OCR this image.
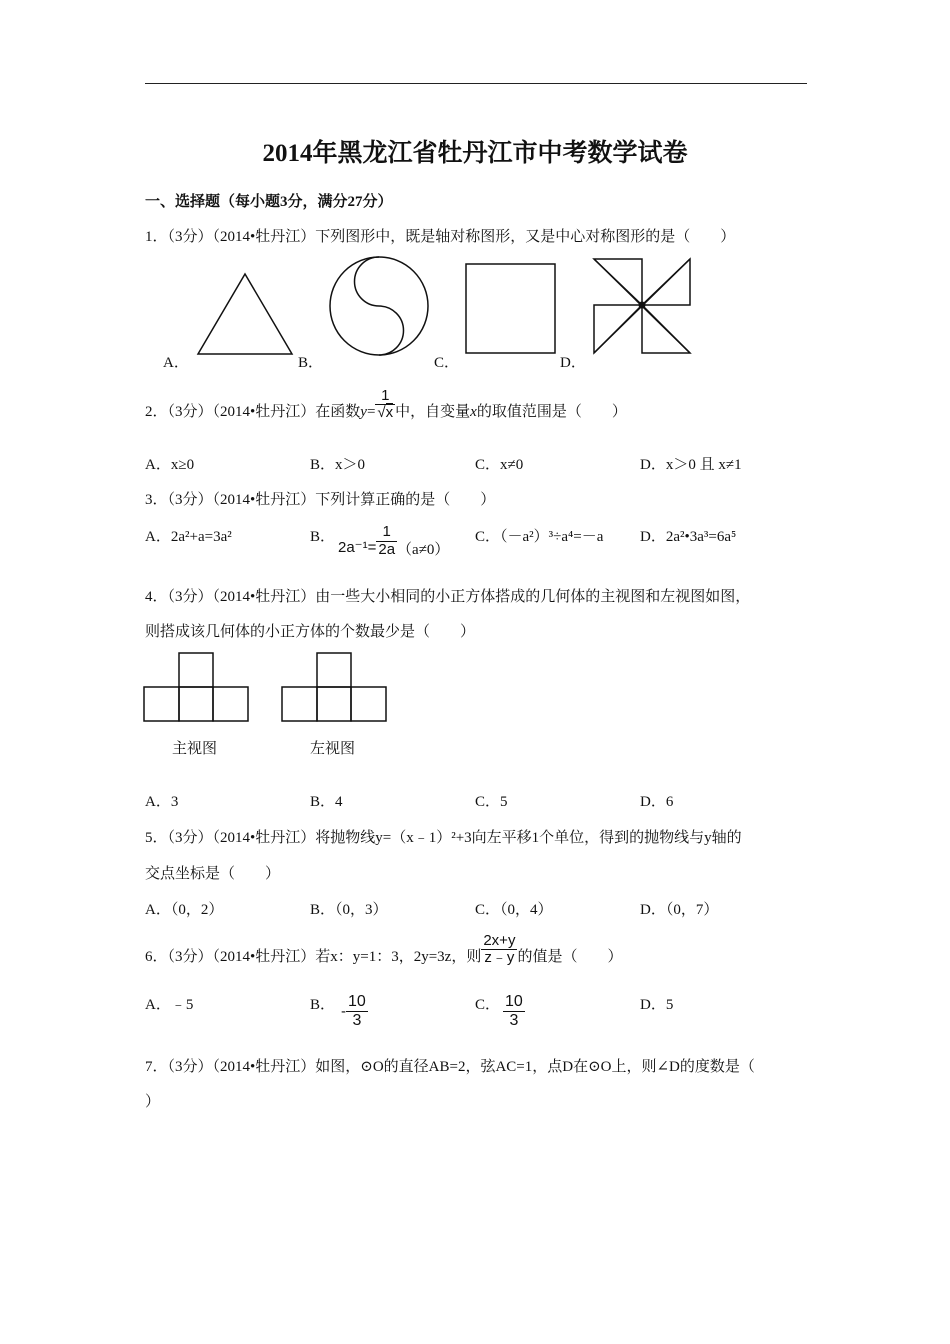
2014年黑龙江省牡丹江市中考数学试卷
一、选择题（每小题3分，满分27分）
1．（3分）（2014•牡丹江）下列图形中，既是轴对称图形，又是中心对称图形的是（　　）
A．	B．	C．	D．
2．（3分）（2014•牡丹江）在函数$y= \frac{1}{√x}$ 中，自变量x的取值范围是（　　）
A．x≥0	B．x＞0	C．x≠0	D．x＞0 且 x≠1
3．（3分）（2014•牡丹江）下列计算正确的是（　　）
A．2a²+a=3a²	B．
$2a^{-1}= \frac{1}{2a} (a\ne 0)$
C．（－a²）³÷a⁴=－a D．2a²•3a³=6a⁵
4．（3分）（2014•牡丹江）由一些大小相同的小正方体搭成的几何体的主视图和左视图如图，
则搭成该几何体的小正方体的个数最少是（　　）
主视图	左视图
A．3	B．4	C．5	D．6
5．（3分）（2014•牡丹江）将抛物线y=（x﹣1）²+3向左平移1个单位，得到的抛物线与y轴的
交点坐标是（　　）
A．（0，2）	B．（0，3）	C．（0，4）	D．（0，7）
6．（3分）（2014•牡丹江）若x：y=1：3，2y=3z，则 $\frac{2x+y}{z﹣y}$ 的值是（　　）
A．﹣5	B． - $\frac{10}{3}$	C． $\frac{10}{3}$	D．5
7．（3分）（2014•牡丹江）如图，⊙O的直径AB=2，弦AC=1，点D在⊙O上，则∠D的度数是（
）
